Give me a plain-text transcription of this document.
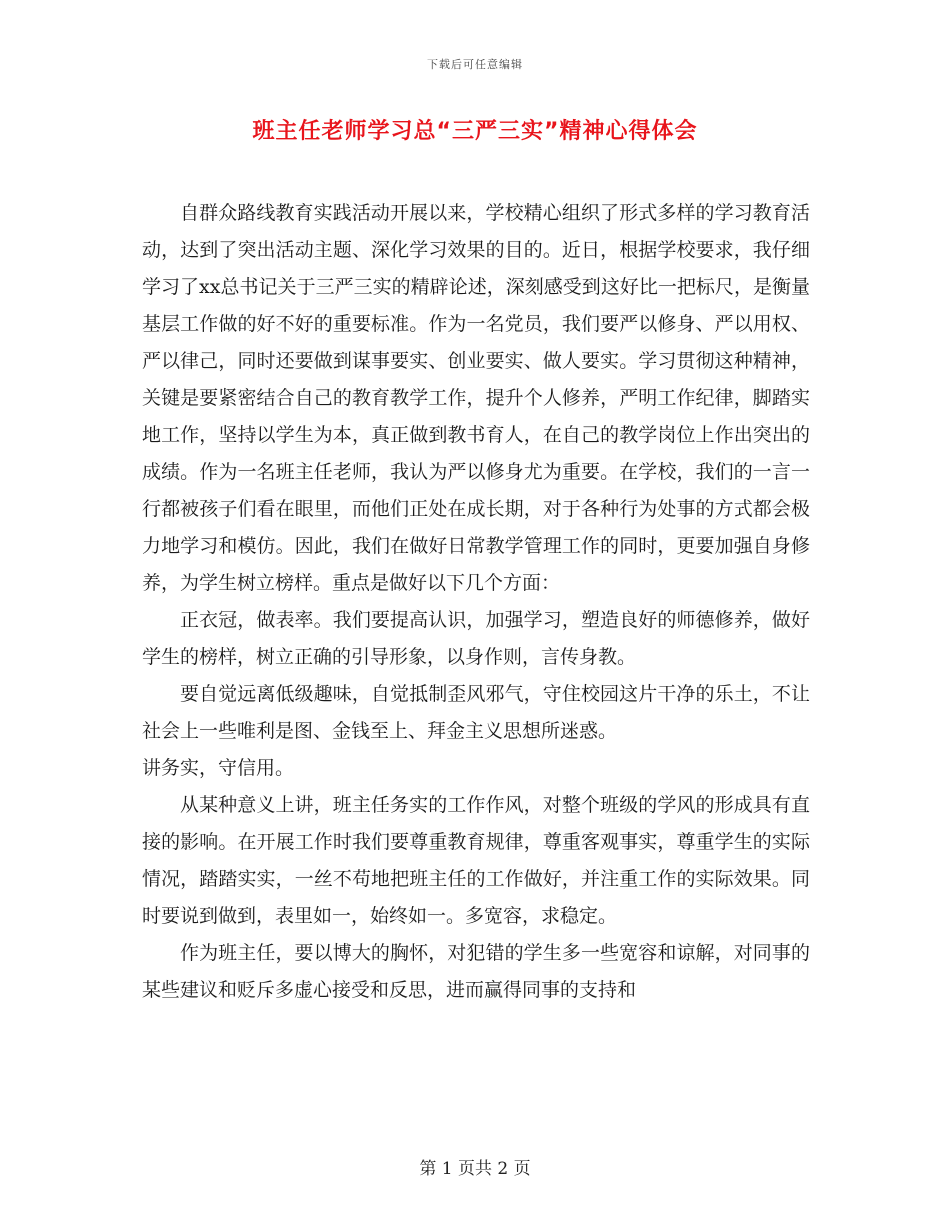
下载后可任意编辑
班主任老师学习总“三严三实”精神心得体会

自群众路线教育实践活动开展以来，学校精心组织了形式多样的学习教育活动，达到了突出活动主题、深化学习效果的目的。近日，根据学校要求，我仔细学习了xx总书记关于三严三实的精辟论述，深刻感受到这好比一把标尺，是衡量基层工作做的好不好的重要标准。作为一名党员，我们要严以修身、严以用权、严以律己，同时还要做到谋事要实、创业要实、做人要实。学习贯彻这种精神，关键是要紧密结合自己的教育教学工作，提升个人修养，严明工作纪律，脚踏实地工作，坚持以学生为本，真正做到教书育人，在自己的教学岗位上作出突出的成绩。作为一名班主任老师，我认为严以修身尤为重要。在学校，我们的一言一行都被孩子们看在眼里，而他们正处在成长期，对于各种行为处事的方式都会极力地学习和模仿。因此，我们在做好日常教学管理工作的同时，更要加强自身修养，为学生树立榜样。重点是做好以下几个方面：

正衣冠，做表率。我们要提高认识，加强学习，塑造良好的师德修养，做好学生的榜样，树立正确的引导形象，以身作则，言传身教。

要自觉远离低级趣味，自觉抵制歪风邪气，守住校园这片干净的乐土，不让社会上一些唯利是图、金钱至上、拜金主义思想所迷惑。

讲务实，守信用。

从某种意义上讲，班主任务实的工作作风，对整个班级的学风的形成具有直接的影响。在开展工作时我们要尊重教育规律，尊重客观事实，尊重学生的实际情况，踏踏实实，一丝不苟地把班主任的工作做好，并注重工作的实际效果。同时要说到做到，表里如一，始终如一。多宽容，求稳定。

作为班主任，要以博大的胸怀，对犯错的学生多一些宽容和谅解，对同事的某些建议和贬斥多虚心接受和反思，进而赢得同事的支持和

第 1 页共 2 页
